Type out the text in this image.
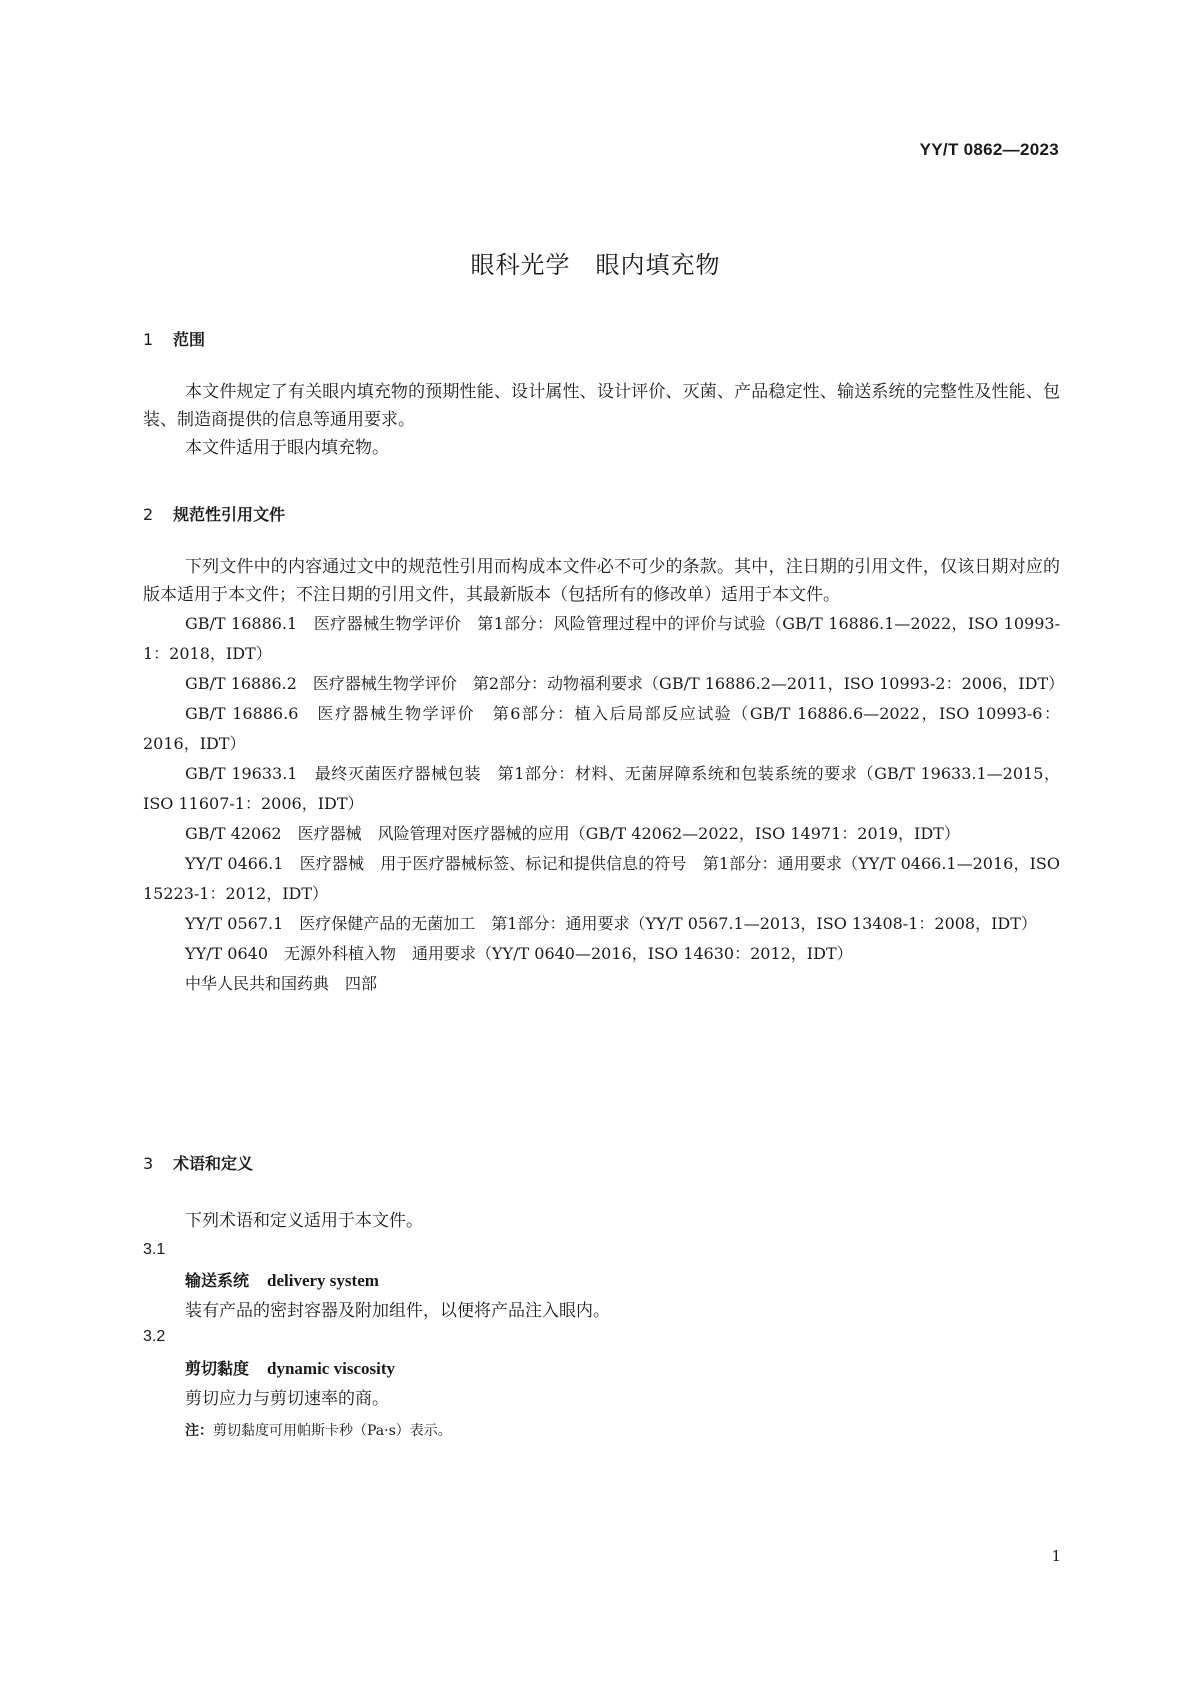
YY/T 0862—2023
眼科光学　眼内填充物
1 范围

本文件规定了有关眼内填充物的预期性能、设计属性、设计评价、灭菌、产品稳定性、输送系统的完整性及性能、包装、制造商提供的信息等通用要求。

本文件适用于眼内填充物。

2 规范性引用文件

下列文件中的内容通过文中的规范性引用而构成本文件必不可少的条款。其中，注日期的引用文件，仅该日期对应的版本适用于本文件；不注日期的引用文件，其最新版本（包括所有的修改单）适用于本文件。

GB/T 16886.1　医疗器械生物学评价　第1部分：风险管理过程中的评价与试验（GB/T 16886.1—2022，ISO 10993-1：2018，IDT）

GB/T 16886.2　医疗器械生物学评价　第2部分：动物福利要求（GB/T 16886.2—2011，ISO 10993-2：2006，IDT）

GB/T 16886.6　医疗器械生物学评价　第6部分：植入后局部反应试验（GB/T 16886.6—2022，ISO 10993-6：2016，IDT）

GB/T 19633.1　最终灭菌医疗器械包装　第1部分：材料、无菌屏障系统和包装系统的要求（GB/T 19633.1—2015，ISO 11607-1：2006，IDT）

GB/T 42062　医疗器械　风险管理对医疗器械的应用（GB/T 42062—2022，ISO 14971：2019，IDT）

YY/T 0466.1　医疗器械　用于医疗器械标签、标记和提供信息的符号　第1部分：通用要求（YY/T 0466.1—2016，ISO 15223-1：2012，IDT）

YY/T 0567.1　医疗保健产品的无菌加工　第1部分：通用要求（YY/T 0567.1—2013，ISO 13408-1：2008，IDT）

YY/T 0640　无源外科植入物　通用要求（YY/T 0640—2016，ISO 14630：2012，IDT）

中华人民共和国药典　四部

3 术语和定义

下列术语和定义适用于本文件。

3.1
输送系统 delivery system
装有产品的密封容器及附加组件，以便将产品注入眼内。
3.2
剪切黏度 dynamic viscosity
剪切应力与剪切速率的商。
注：剪切黏度可用帕斯卡秒（Pa·s）表示。
1
